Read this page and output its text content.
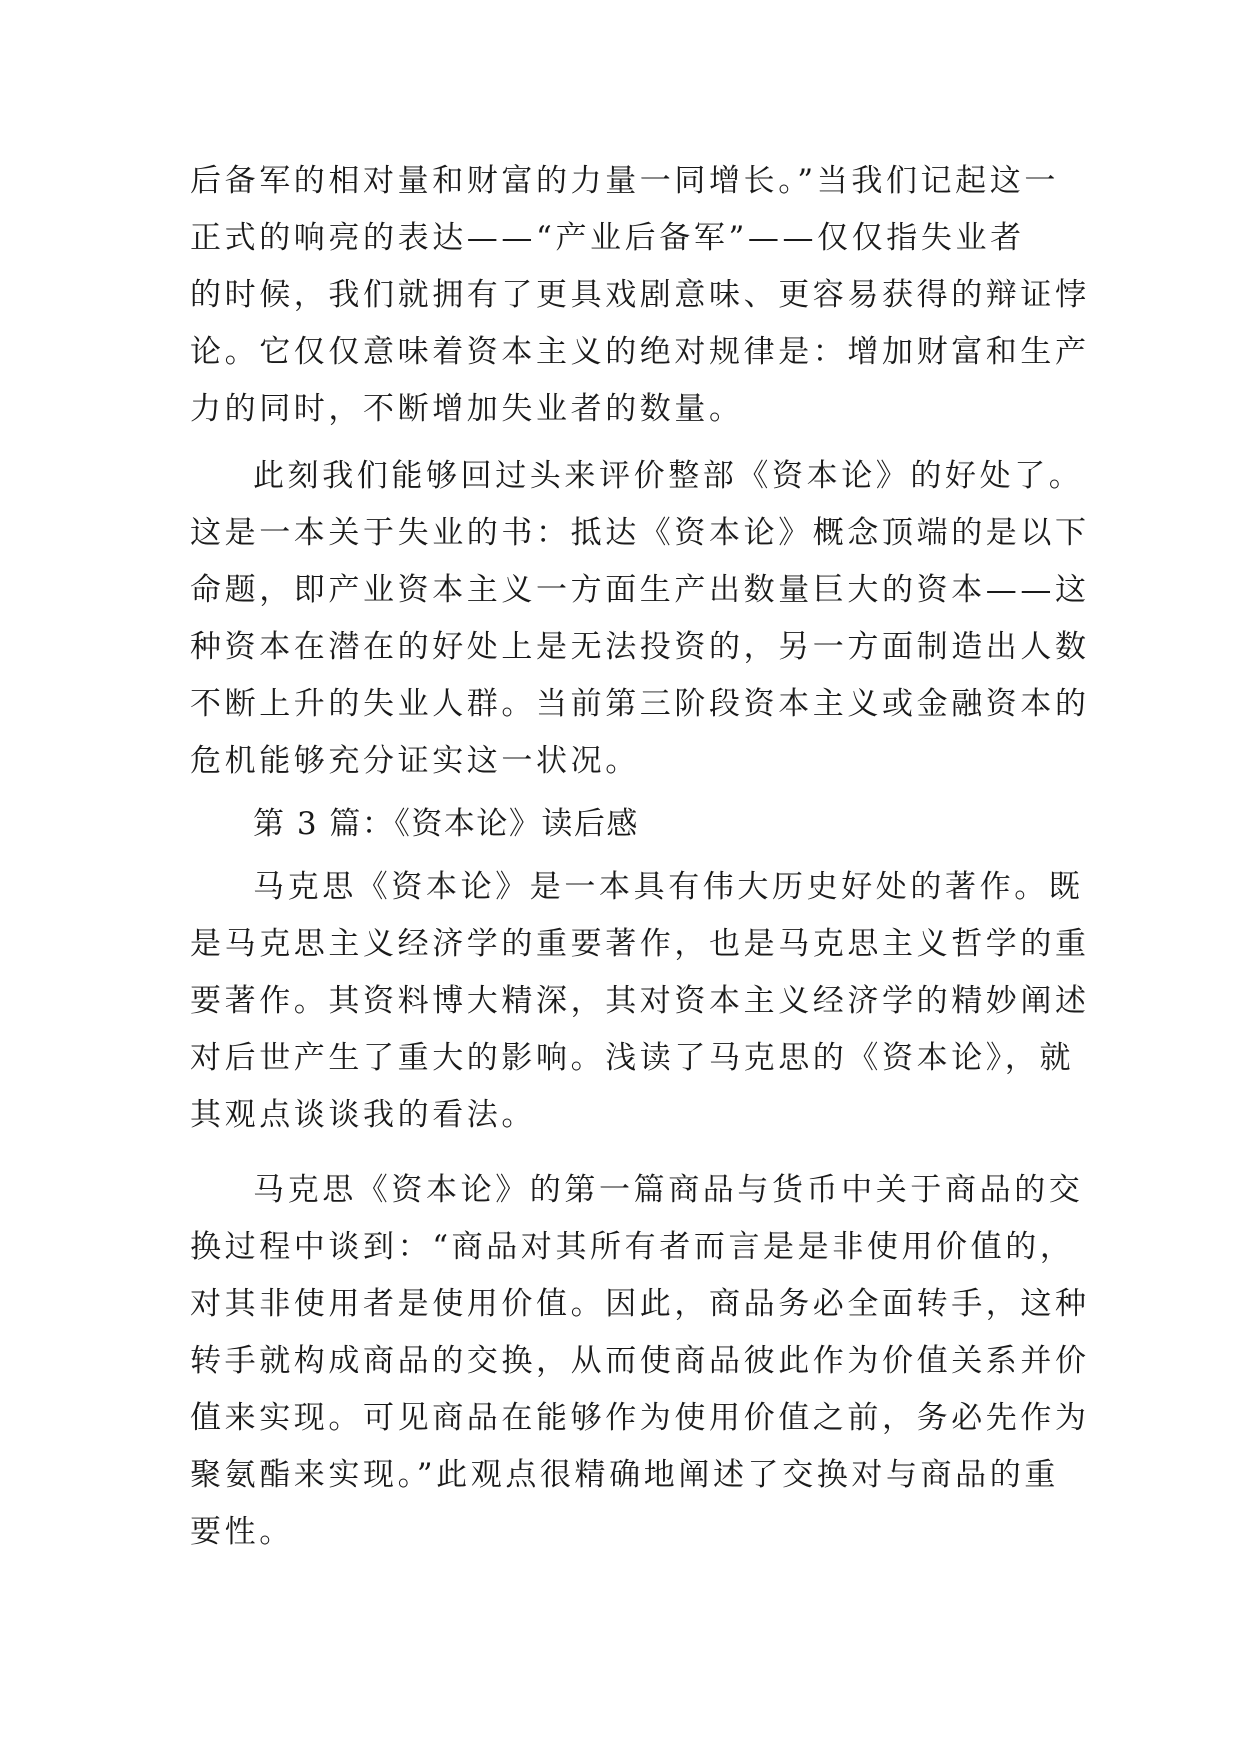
后备军的相对量和财富的力量一同增长。”当我们记起这一
正式的响亮的表达——“产业后备军”——仅仅指失业者
的时候，我们就拥有了更具戏剧意味、更容易获得的辩证悖
论。它仅仅意味着资本主义的绝对规律是：增加财富和生产
力的同时，不断增加失业者的数量。
此刻我们能够回过头来评价整部《资本论》的好处了。
这是一本关于失业的书：抵达《资本论》概念顶端的是以下
命题，即产业资本主义一方面生产出数量巨大的资本——这
种资本在潜在的好处上是无法投资的，另一方面制造出人数
不断上升的失业人群。当前第三阶段资本主义或金融资本的
危机能够充分证实这一状况。
第 3 篇：《资本论》读后感
马克思《资本论》是一本具有伟大历史好处的著作。既
是马克思主义经济学的重要著作，也是马克思主义哲学的重
要著作。其资料博大精深，其对资本主义经济学的精妙阐述
对后世产生了重大的影响。浅读了马克思的《资本论》，就
其观点谈谈我的看法。
马克思《资本论》的第一篇商品与货币中关于商品的交
换过程中谈到：“商品对其所有者而言是是非使用价值的，
对其非使用者是使用价值。因此，商品务必全面转手，这种
转手就构成商品的交换，从而使商品彼此作为价值关系并价
值来实现。可见商品在能够作为使用价值之前，务必先作为
聚氨酯来实现。”此观点很精确地阐述了交换对与商品的重
要性。
